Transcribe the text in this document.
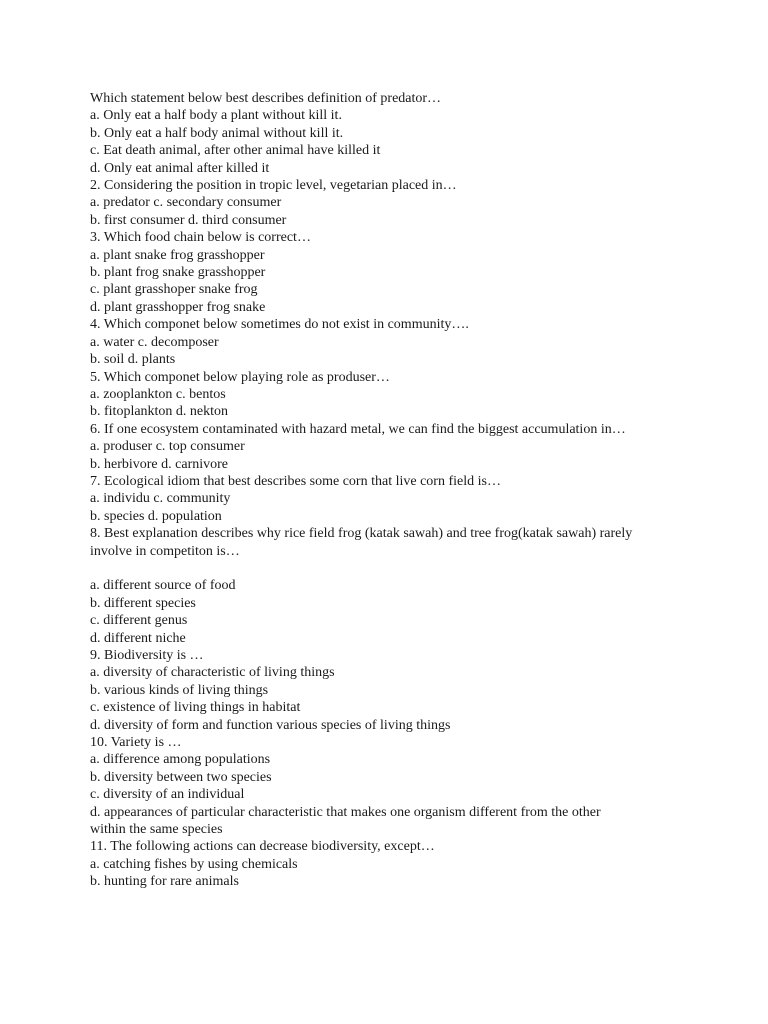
Which statement below best describes definition of predator…

a. Only eat a half body a plant without kill it.

b. Only eat a half body animal without kill it.

c. Eat death animal, after other animal have killed it

d. Only eat animal after killed it

2. Considering the position in tropic level, vegetarian placed in…

a. predator c. secondary consumer

b. first consumer d. third consumer

3. Which food chain below is correct…

a. plant snake frog grasshopper

b. plant frog snake grasshopper

c. plant grasshoper snake frog

d. plant grasshopper frog snake

4. Which componet below sometimes do not exist in community….

a. water c. decomposer

b. soil d. plants

5. Which componet below playing role as produser…

a. zooplankton c. bentos

b. fitoplankton d. nekton

6. If one ecosystem contaminated with hazard metal, we can find the biggest accumulation in…

a. produser c. top consumer

b. herbivore d. carnivore

7. Ecological idiom that best describes some corn that live corn field is…

a. individu c. community

b. species d. population

8. Best explanation describes why rice field frog (katak sawah) and tree frog(katak sawah) rarely

involve in competiton is…

a. different source of food

b. different species

c. different genus

d. different niche

9. Biodiversity is …

a. diversity of characteristic of living things

b. various kinds of living things

c. existence of living things in habitat

d. diversity of form and function various species of living things

10. Variety is …

a. difference among populations

b. diversity between two species

c. diversity of an individual

d. appearances of particular characteristic that makes one organism different from the other

within the same species

11. The following actions can decrease biodiversity, except…

a. catching fishes by using chemicals

b. hunting for rare animals
